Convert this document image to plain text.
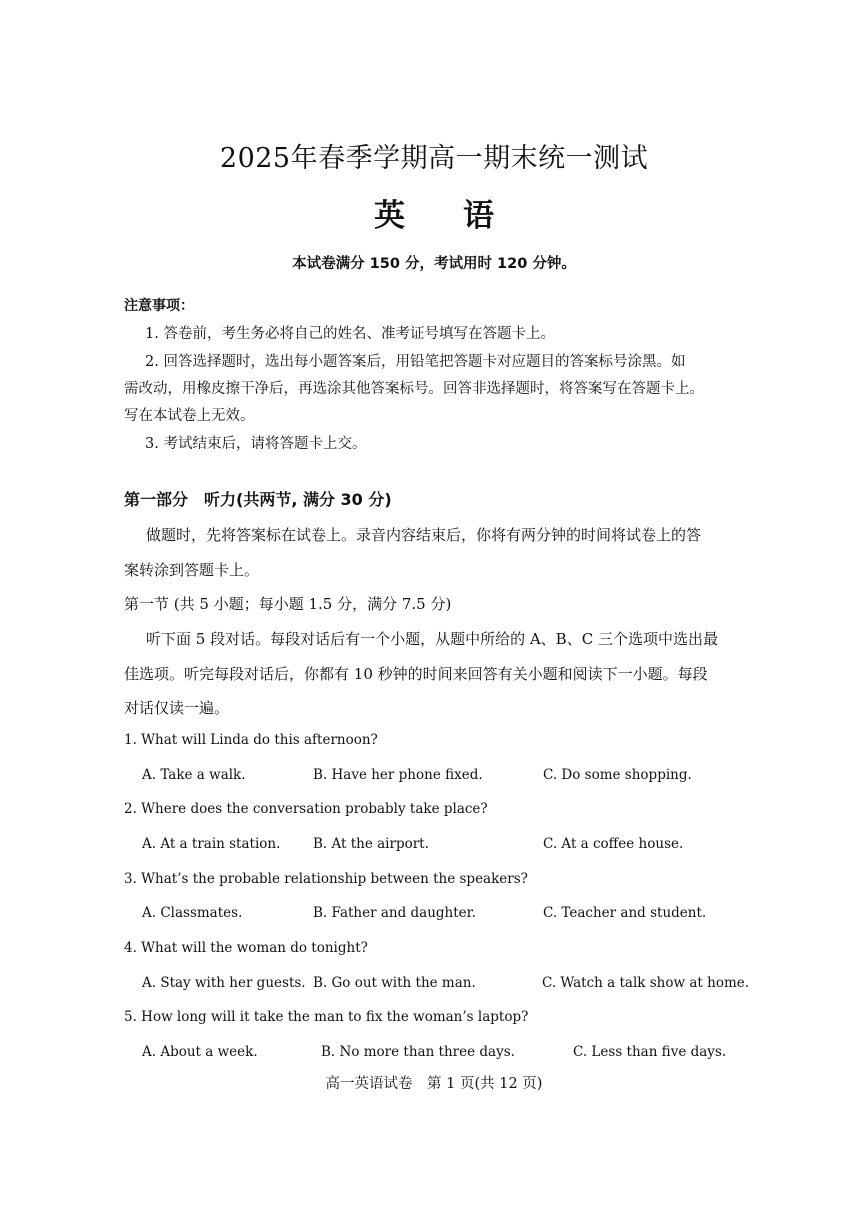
2025年春季学期高一期末统一测试
英语
本试卷满分 150 分，考试用时 120 分钟。
注意事项：
1. 答卷前，考生务必将自己的姓名、准考证号填写在答题卡上。
2. 回答选择题时，选出每小题答案后，用铅笔把答题卡对应题目的答案标号涂黑。如
需改动，用橡皮擦干净后，再选涂其他答案标号。回答非选择题时，将答案写在答题卡上。
写在本试卷上无效。
3. 考试结束后，请将答题卡上交。
第一部分　听力(共两节, 满分 30 分)
做题时，先将答案标在试卷上。录音内容结束后，你将有两分钟的时间将试卷上的答
案转涂到答题卡上。
第一节 (共 5 小题；每小题 1.5 分，满分 7.5 分)
听下面 5 段对话。每段对话后有一个小题，从题中所给的 A、B、C 三个选项中选出最
佳选项。听完每段对话后，你都有 10 秒钟的时间来回答有关小题和阅读下一小题。每段
对话仅读一遍。
1. What will Linda do this afternoon?
A. Take a walk.	B. Have her phone fixed.	C. Do some shopping.
2. Where does the conversation probably take place?
A. At a train station. B. At the airport.	C. At a coffee house.
3. What’s the probable relationship between the speakers?
A. Classmates.	B. Father and daughter.	C. Teacher and student.
4. What will the woman do tonight?
A. Stay with her guests. B. Go out with the man.	C. Watch a talk show at home.
5. How long will it take the man to fix the woman’s laptop?
A. About a week.	B. No more than three days.	C. Less than five days.
高一英语试卷　第 1 页(共 12 页)
